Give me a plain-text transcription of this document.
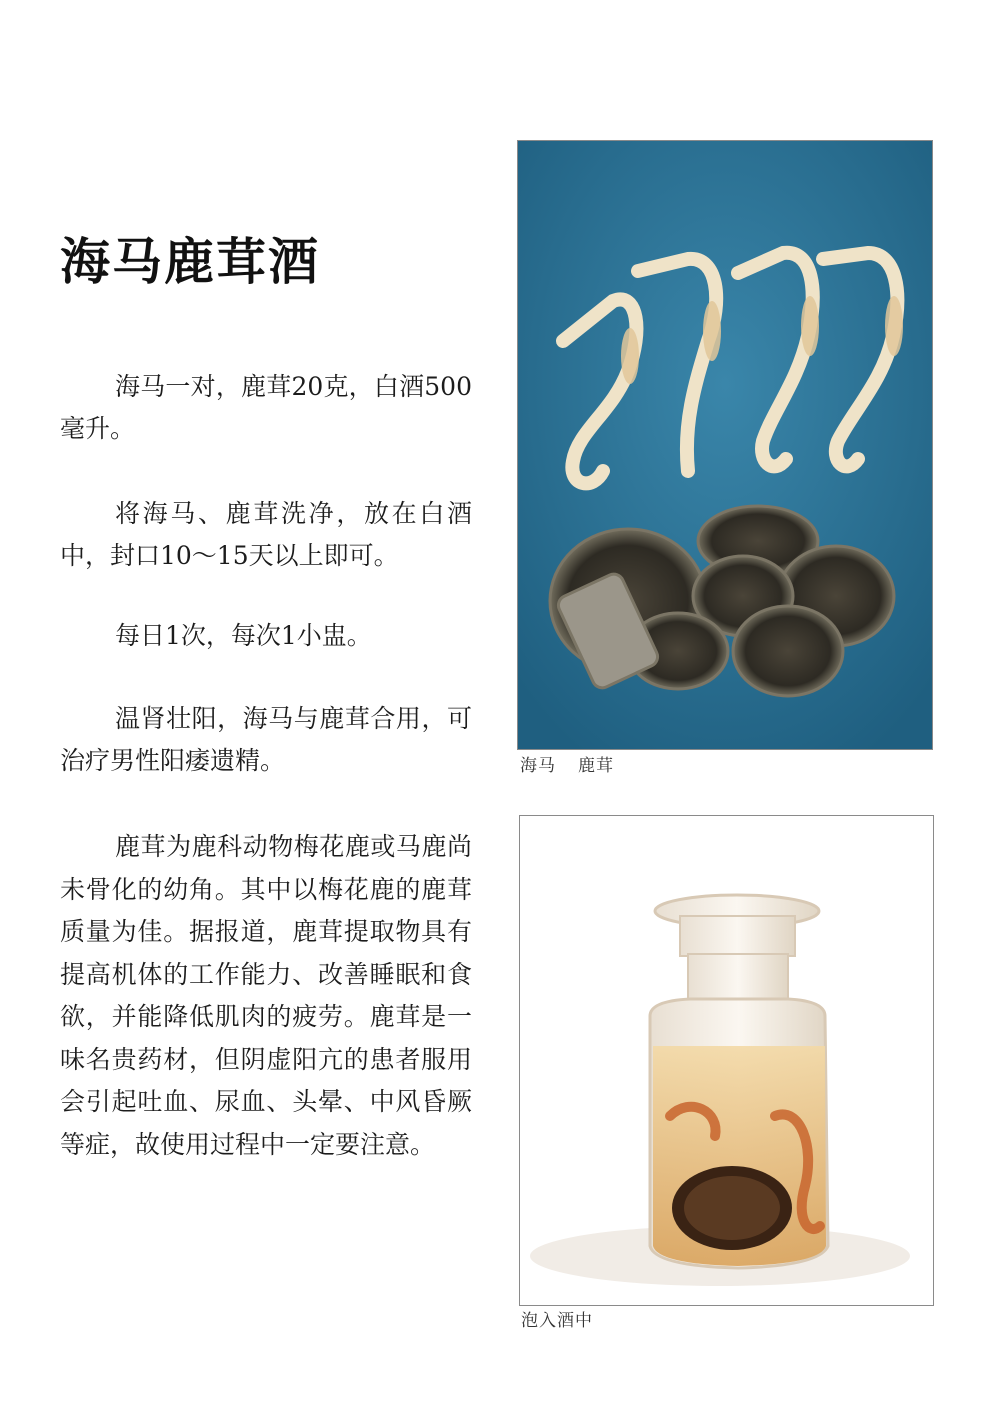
海马鹿茸酒

海马一对，鹿茸20克，白酒500毫升。

将海马、鹿茸洗净，放在白酒中，封口10～15天以上即可。

每日1次，每次1小盅。

温肾壮阳，海马与鹿茸合用，可治疗男性阳痿遗精。

鹿茸为鹿科动物梅花鹿或马鹿尚未骨化的幼角。其中以梅花鹿的鹿茸质量为佳。据报道，鹿茸提取物具有提高机体的工作能力、改善睡眠和食欲，并能降低肌肉的疲劳。鹿茸是一味名贵药材，但阴虚阳亢的患者服用会引起吐血、尿血、头晕、中风昏厥等症，故使用过程中一定要注意。

海马 鹿茸
泡入酒中
